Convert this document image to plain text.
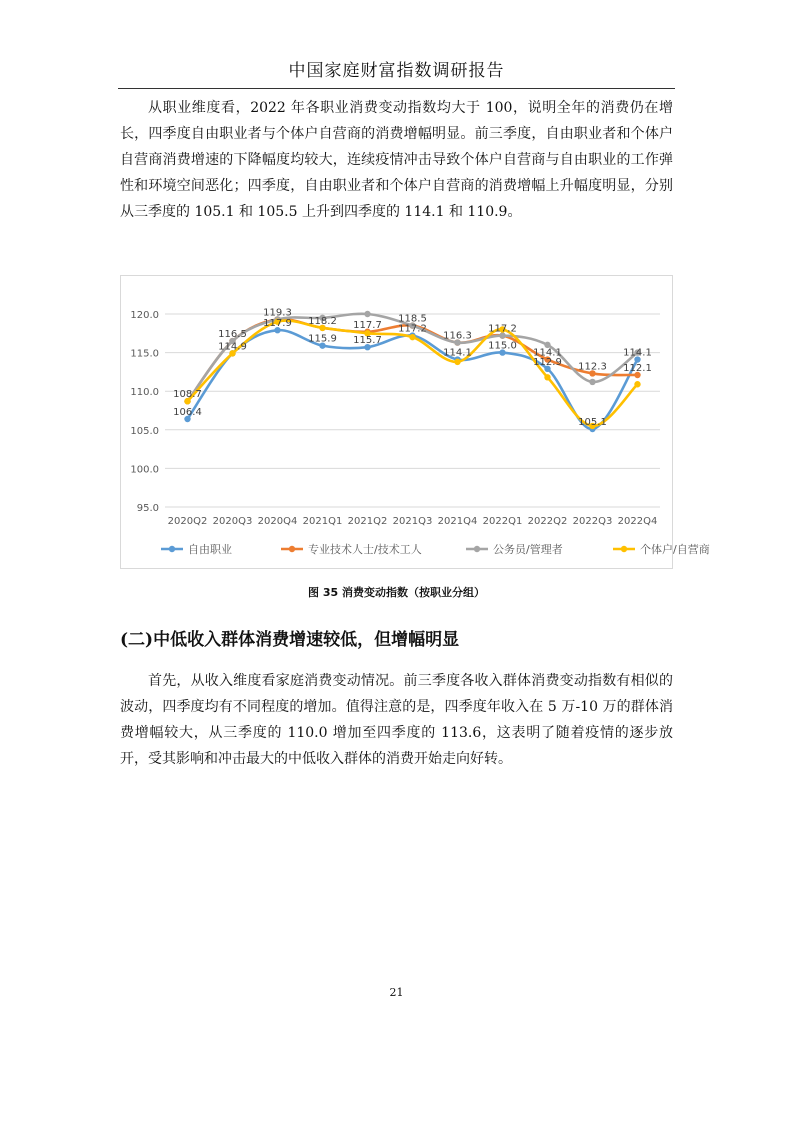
中国家庭财富指数调研报告

从职业维度看，2022 年各职业消费变动指数均大于 100，说明全年的消费仍在增长，四季度自由职业者与个体户自营商的消费增幅明显。前三季度，自由职业者和个体户自营商消费增速的下降幅度均较大，连续疫情冲击导致个体户自营商与自由职业的工作弹性和环境空间恶化；四季度，自由职业者和个体户自营商的消费增幅上升幅度明显，分别从三季度的 105.1 和 105.5 上升到四季度的 114.1 和 110.9。

95.0
100.0
105.0
110.0
115.0
120.0
2020Q2 2020Q3 2020Q4 2021Q1 2021Q2 2021Q3 2021Q4 2022Q1 2022Q2 2022Q3 2022Q4
106.4
108.7
114.9
116.5
117.9
119.3
115.9
118.2
115.7
117.7 117.2
118.5
114.1
116.3
115.0
117.2
112.9
114.1
105.1
112.3 112.1
114.1
自由职业	专业技术人士/技术工人	公务员/管理者	个体户/自营商
图 35 消费变动指数（按职业分组）
(二)中低收入群体消费增速较低，但增幅明显

首先，从收入维度看家庭消费变动情况。前三季度各收入群体消费变动指数有相似的波动，四季度均有不同程度的增加。值得注意的是，四季度年收入在 5 万-10 万的群体消费增幅较大，从三季度的 110.0 增加至四季度的 113.6，这表明了随着疫情的逐步放开，受其影响和冲击最大的中低收入群体的消费开始走向好转。

21
